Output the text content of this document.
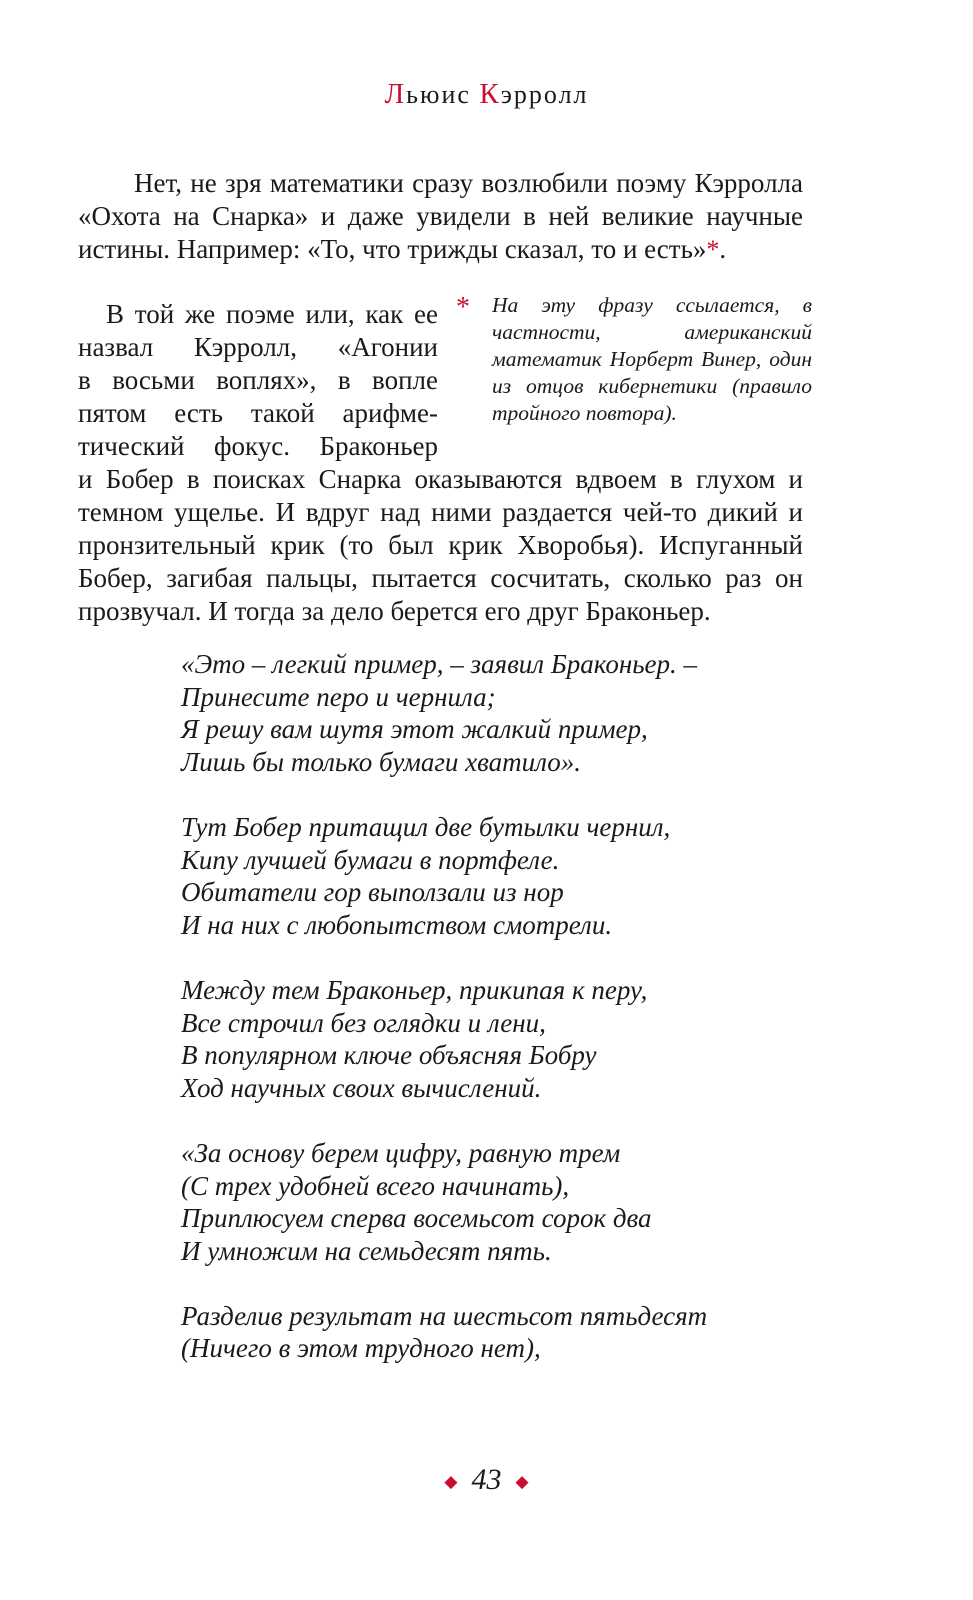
Льюис Кэрролл
Нет, не зря математики сразу возлюбили поэму Кэрролла «Охота на Снарка» и даже увидели в ней великие научные истины. Например: «То, что трижды сказал, то и есть»*.
В той же поэме или, как ее
назвал Кэрролл, «Агонии
в восьми воплях», в вопле
пятом есть такой арифме-
тический фокус. Браконьер
и Бобер в поисках Снарка оказываются вдвоем в глухом и темном ущелье. И вдруг над ними раздается чей-то дикий и пронзительный крик (то был крик Хворобья). Испуганный Бобер, загибая пальцы, пытается сосчитать, сколько раз он прозвучал. И тогда за дело берется его друг Браконьер.
* На эту фразу ссылается, в частности, американский математик Норберт Винер, один из отцов кибернетики (правило тройного повтора).
«Это – легкий пример, – заявил Браконьер. –
Принесите перо и чернила;
Я решу вам шутя этот жалкий пример,
Лишь бы только бумаги хватило».
Тут Бобер притащил две бутылки чернил,
Кипу лучшей бумаги в портфеле.
Обитатели гор выползали из нор
И на них с любопытством смотрели.
Между тем Браконьер, прикипая к перу,
Все строчил без оглядки и лени,
В популярном ключе объясняя Бобру
Ход научных своих вычислений.
«За основу берем цифру, равную трем
(С трех удобней всего начинать),
Приплюсуем сперва восемьсот сорок два
И умножим на семьдесят пять.
Разделив результат на шестьсот пятьдесят
(Ничего в этом трудного нет),
◆ 43 ◆
